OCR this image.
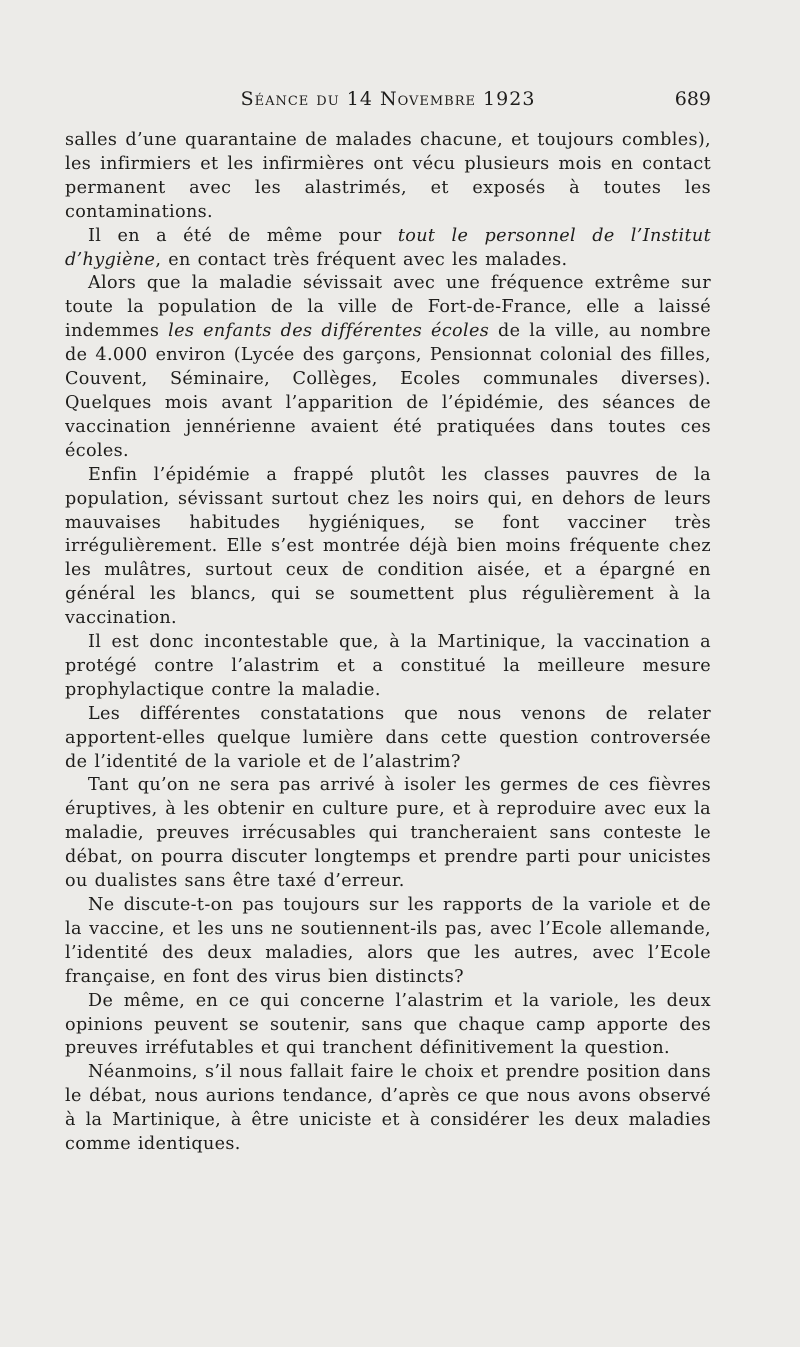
Séance du 14 Novembre 1923	689

salles d’une quarantaine de malades chacune, et toujours combles), les infirmiers et les infirmières ont vécu plusieurs mois en contact permanent avec les alastrimés, et exposés à toutes les contaminations.

Il en a été de même pour tout le personnel de l’Institut d’hygiène, en contact très fréquent avec les malades.

Alors que la maladie sévissait avec une fréquence extrême sur toute la population de la ville de Fort-de-France, elle a laissé indemmes les enfants des différentes écoles de la ville, au nombre de 4.000 environ (Lycée des garçons, Pensionnat colonial des filles, Couvent, Séminaire, Collèges, Ecoles communales diverses). Quelques mois avant l’apparition de l’épidémie, des séances de vaccination jennérienne avaient été pratiquées dans toutes ces écoles.

Enfin l’épidémie a frappé plutôt les classes pauvres de la population, sévissant surtout chez les noirs qui, en dehors de leurs mauvaises habitudes hygiéniques, se font vacciner très irrégulièrement. Elle s’est montrée déjà bien moins fréquente chez les mulâtres, surtout ceux de condition aisée, et a épargné en général les blancs, qui se soumettent plus régulièrement à la vaccination.

Il est donc incontestable que, à la Martinique, la vaccination a protégé contre l’alastrim et a constitué la meilleure mesure prophylactique contre la maladie.

Les différentes constatations que nous venons de relater apportent-elles quelque lumière dans cette question controversée de l’identité de la variole et de l’alastrim?

Tant qu’on ne sera pas arrivé à isoler les germes de ces fièvres éruptives, à les obtenir en culture pure, et à reproduire avec eux la maladie, preuves irrécusables qui trancheraient sans conteste le débat, on pourra discuter longtemps et prendre parti pour unicistes ou dualistes sans être taxé d’erreur.

Ne discute-t-on pas toujours sur les rapports de la variole et de la vaccine, et les uns ne soutiennent-ils pas, avec l’Ecole allemande, l’identité des deux maladies, alors que les autres, avec l’Ecole française, en font des virus bien distincts?

De même, en ce qui concerne l’alastrim et la variole, les deux opinions peuvent se soutenir, sans que chaque camp apporte des preuves irréfutables et qui tranchent définitivement la question.

Néanmoins, s’il nous fallait faire le choix et prendre position dans le débat, nous aurions tendance, d’après ce que nous avons observé à la Martinique, à être uniciste et à considérer les deux maladies comme identiques.
